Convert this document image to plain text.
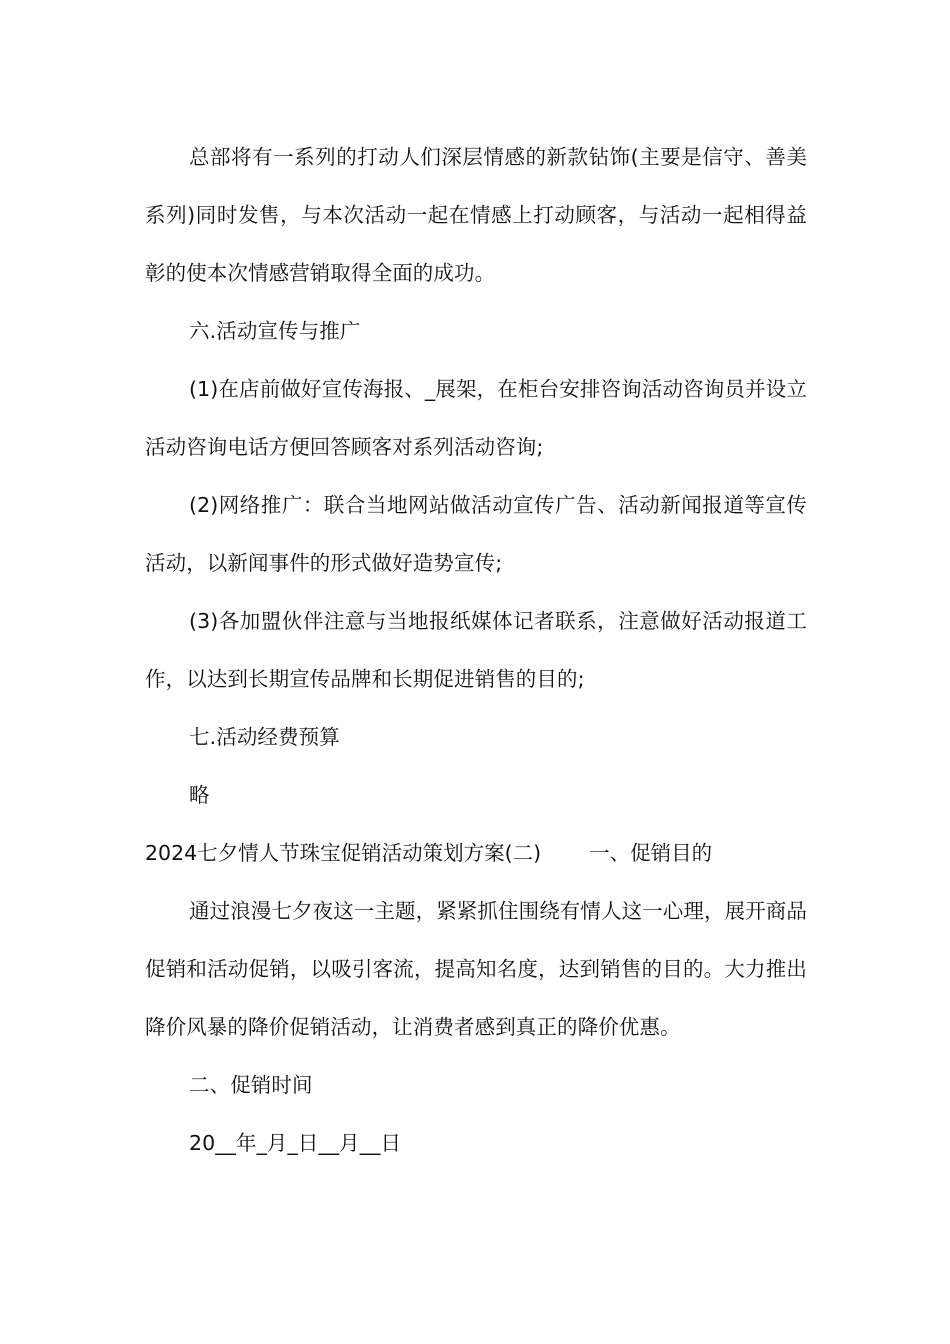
总部将有一系列的打动人们深层情感的新款钻饰(主要是信守、善美系列)同时发售，与本次活动一起在情感上打动顾客，与活动一起相得益彰的使本次情感营销取得全面的成功。

六.活动宣传与推广

(1)在店前做好宣传海报、_展架，在柜台安排咨询活动咨询员并设立活动咨询电话方便回答顾客对系列活动咨询;

(2)网络推广：联合当地网站做活动宣传广告、活动新闻报道等宣传活动，以新闻事件的形式做好造势宣传;

(3)各加盟伙伴注意与当地报纸媒体记者联系，注意做好活动报道工作，以达到长期宣传品牌和长期促进销售的目的;

七.活动经费预算

略

2024七夕情人节珠宝促销活动策划方案(二) 一、促销目的

通过浪漫七夕夜这一主题，紧紧抓住围绕有情人这一心理，展开商品促销和活动促销，以吸引客流，提高知名度，达到销售的目的。大力推出降价风暴的降价促销活动，让消费者感到真正的降价优惠。

二、促销时间

20__年_月_日__月__日
